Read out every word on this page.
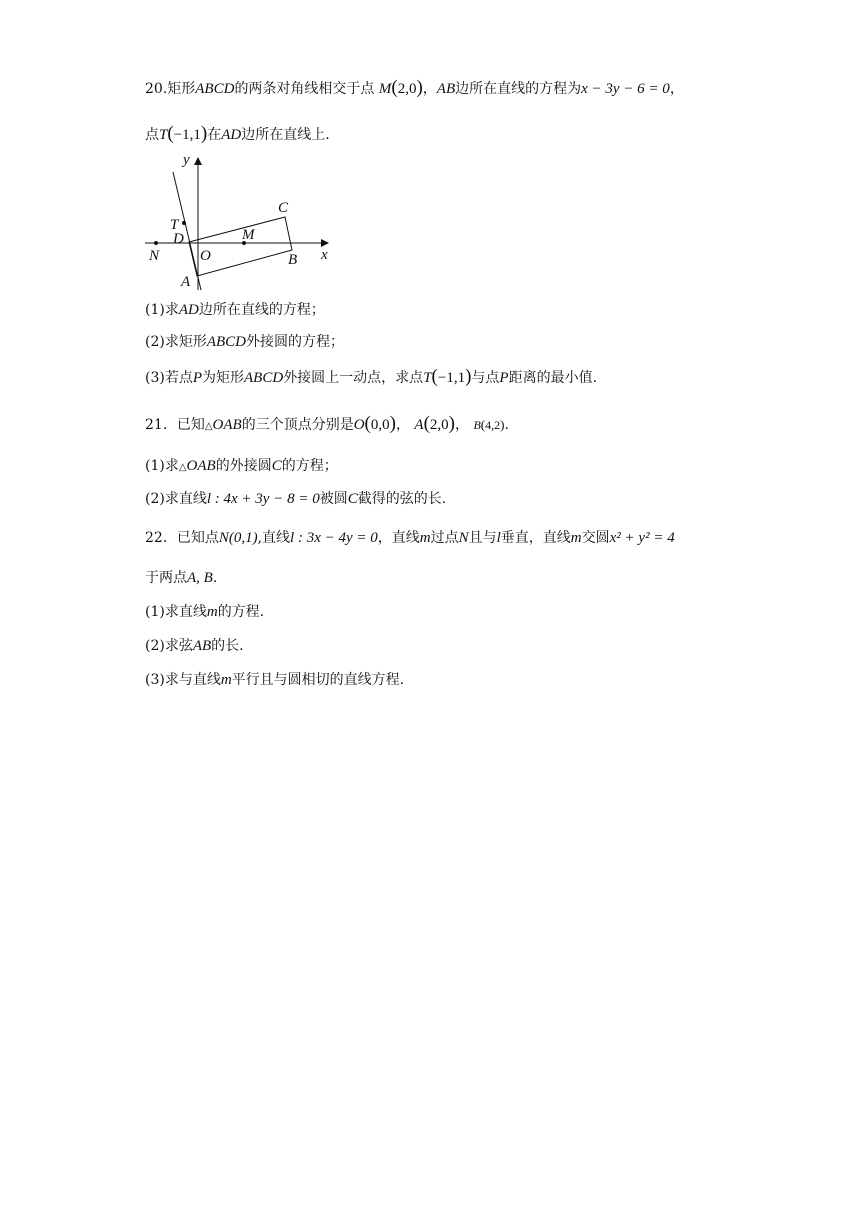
20.矩形ABCD的两条对角线相交于点 M(2,0)，AB边所在直线的方程为x − 3y − 6 = 0，
点T(−1,1)在AD边所在直线上.
y
x
T
D	M
C
N	O	B
A
(1)求AD边所在直线的方程；
(2)求矩形ABCD外接圆的方程；
(3)若点P为矩形ABCD外接圆上一动点，求点T(−1,1)与点P距离的最小值.
21．已知△OAB的三个顶点分别是O(0,0)， A(2,0)， B(4,2).
(1)求△OAB的外接圆C的方程；
(2)求直线l : 4x + 3y − 8 = 0被圆C截得的弦的长.
22．已知点N(0,1),直线l : 3x − 4y = 0，直线m过点N且与l垂直，直线m交圆x² + y² = 4
于两点A, B.
(1)求直线m的方程.
(2)求弦AB的长.
(3)求与直线m平行且与圆相切的直线方程.
